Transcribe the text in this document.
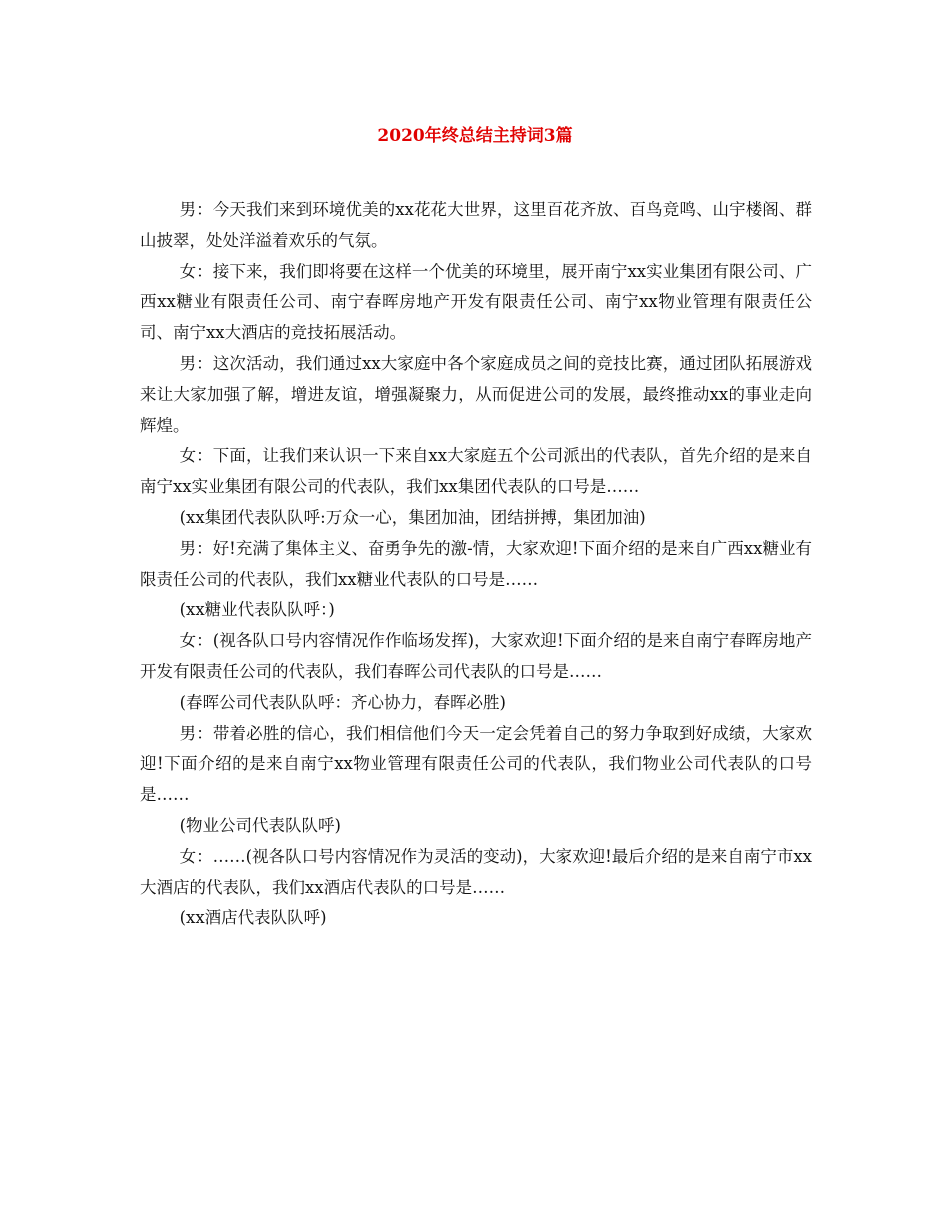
2020年终总结主持词3篇

男：今天我们来到环境优美的xx花花大世界，这里百花齐放、百鸟竞鸣、山宇楼阁、群山披翠，处处洋溢着欢乐的气氛。

女：接下来，我们即将要在这样一个优美的环境里，展开南宁xx实业集团有限公司、广西xx糖业有限责任公司、南宁春晖房地产开发有限责任公司、南宁xx物业管理有限责任公司、南宁xx大酒店的竞技拓展活动。

男：这次活动，我们通过xx大家庭中各个家庭成员之间的竞技比赛，通过团队拓展游戏来让大家加强了解，增进友谊，增强凝聚力，从而促进公司的发展，最终推动xx的事业走向辉煌。

女：下面，让我们来认识一下来自xx大家庭五个公司派出的代表队，首先介绍的是来自南宁xx实业集团有限公司的代表队，我们xx集团代表队的口号是……

(xx集团代表队队呼:万众一心，集团加油，团结拼搏，集团加油)

男：好!充满了集体主义、奋勇争先的激-情，大家欢迎!下面介绍的是来自广西xx糖业有限责任公司的代表队，我们xx糖业代表队的口号是……

(xx糖业代表队队呼：)

女：(视各队口号内容情况作作临场发挥)，大家欢迎!下面介绍的是来自南宁春晖房地产开发有限责任公司的代表队，我们春晖公司代表队的口号是……

(春晖公司代表队队呼：齐心协力，春晖必胜)

男：带着必胜的信心，我们相信他们今天一定会凭着自己的努力争取到好成绩，大家欢迎!下面介绍的是来自南宁xx物业管理有限责任公司的代表队，我们物业公司代表队的口号是……

(物业公司代表队队呼)

女：……(视各队口号内容情况作为灵活的变动)，大家欢迎!最后介绍的是来自南宁市xx大酒店的代表队，我们xx酒店代表队的口号是……

(xx酒店代表队队呼)
